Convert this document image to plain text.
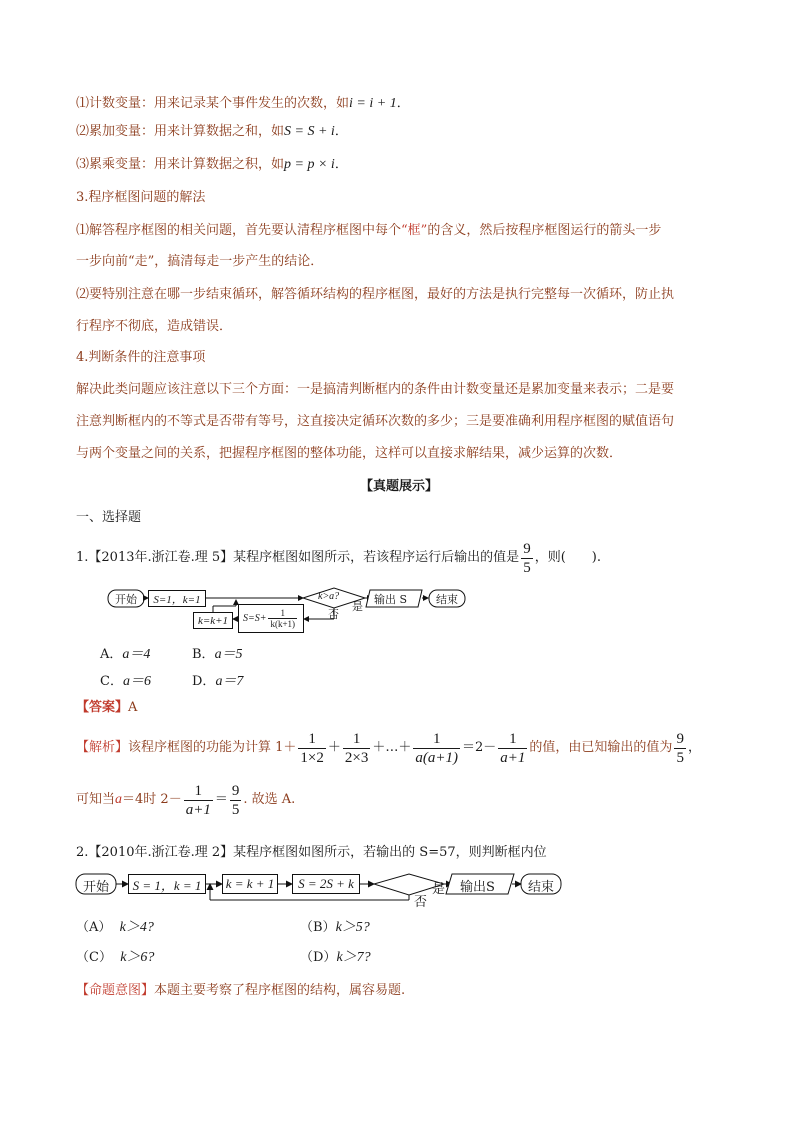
⑴计数变量：用来记录某个事件发生的次数，如i = i + 1．
⑵累加变量：用来计算数据之和，如S = S + i．
⑶累乘变量：用来计算数据之积，如p = p × i．
3.程序框图问题的解法
⑴解答程序框图的相关问题，首先要认清程序框图中每个“框”的含义，然后按程序框图运行的箭头一步
一步向前“走”，搞清每走一步产生的结论．
⑵要特别注意在哪一步结束循环，解答循环结构的程序框图，最好的方法是执行完整每一次循环，防止执
行程序不彻底，造成错误．
4.判断条件的注意事项
解决此类问题应该注意以下三个方面：一是搞清判断框内的条件由计数变量还是累加变量来表示；二是要
注意判断框内的不等式是否带有等号，这直接决定循环次数的多少；三是要准确利用程序框图的赋值语句
与两个变量之间的关系，把握程序框图的整体功能，这样可以直接求解结果，减少运算的次数．
【真题展示】
一、选择题
1. 【2013年.浙江卷.理 5】 某程序框图如图所示，若该程序运行后输出的值是 $\frac{9}{5}$ ，则(　　).
开始	S=1，k=1	k>a?
是
否
输出 S	结束
k=k+1 $S=S+ \frac{1}{k(k+1)}$
A．a＝4	B．a＝5
C．a＝6	D．a＝7
【答案】A
【解析】 该程序框图的功能为计算 $1+ \frac{1}{1\times 2} + \frac{1}{2\times 3}$ ＋…＋ $\frac{1}{a(a+1)} =2- \frac{1}{a+1}$ 的值，由已知输出的值为 $\frac{9}{5}$ ，
可知当 a ＝4时 $2- \frac{1}{a+1} = \frac{9}{5}$ . 故选 A.
2.【2010年.浙江卷.理 2】某程序框图如图所示，若输出的 S=57，则判断框内位
开始	S = 1，k = 1 k = k + 1 S = 2S + k	是
否
输出S	结束
（A） k＞4?	（B）k＞5?
（C） k＞6?	（D）k＞7?
【命题意图】本题主要考察了程序框图的结构，属容易题.
